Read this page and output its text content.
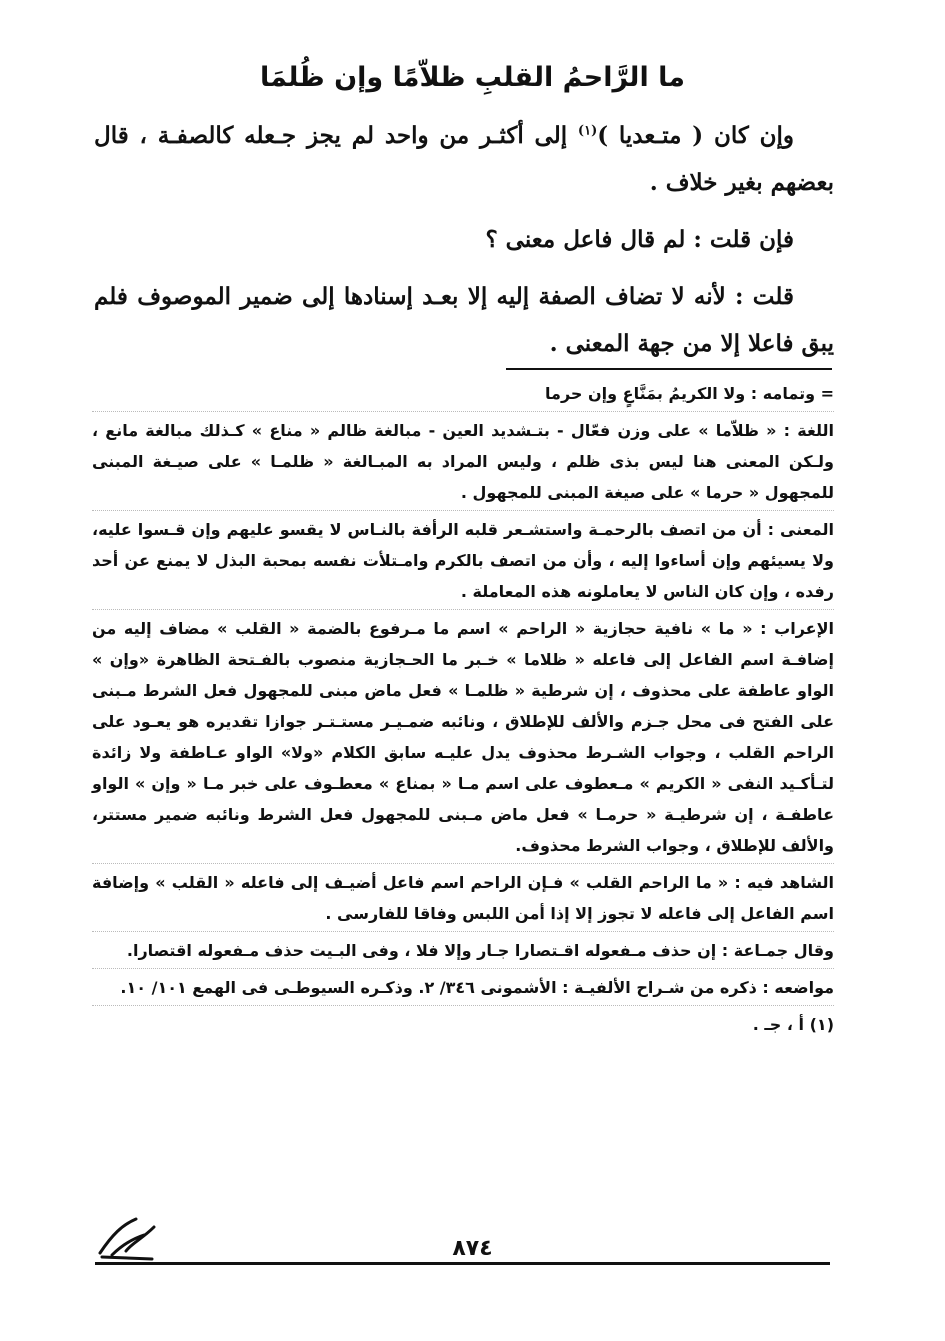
ما الرَّاحمُ القلبِ ظلاّمًا وإن ظُلمَا

وإن كان ( متـعديا )$^{(١)}$ إلى أكثـر من واحد لم يجز جـعله كالصفـة ، قال بعضهم بغير خلاف .

فإن قلت : لم قال فاعل معنى ؟

قلت : لأنه لا تضاف الصفة إليه إلا بعـد إسنادها إلى ضمير الموصوف فلم يبق فاعلا إلا من جهة المعنى .

= وتمامه : ولا الكريمُ بمَنَّاعٍ وإن حرما

اللغة : « ظلاّما » على وزن فعّال - بتـشديد العين - مبالغة ظالم « مناع » كـذلك مبالغة مانع ، ولـكن المعنى هنا ليس بذى ظلم ، وليس المراد به المبـالغة « ظلمـا » على صيـغة المبنى للمجهول « حرما » على صيغة المبنى للمجهول .

المعنى : أن من اتصف بالرحمـة واستشـعر قلبه الرأفة بالنـاس لا يقسو عليهم وإن قـسوا عليه، ولا يسيئهم وإن أساءوا إليه ، وأن من اتصف بالكرم وامـتلأت نفسه بمحبة البذل لا يمنع عن أحد رفده ، وإن كان الناس لا يعاملونه هذه المعاملة .

الإعراب : « ما » نافية حجازية « الراحم » اسم ما مـرفوع بالضمة « القلب » مضاف إليه من إضافـة اسم الفاعل إلى فاعله « ظلاما » خـبر ما الحـجازية منصوب بالفـتحة الظاهرة «وإن » الواو عاطفة على محذوف ، إن شرطية « ظلمـا » فعل ماض مبنى للمجهول فعل الشرط مـبنى على الفتح فى محل جـزم والألف للإطلاق ، ونائبه ضمـيـر مستـتـر جوازا تقديره هو يعـود على الراحم القلب ، وجواب الشـرط محذوف يدل عليـه سابق الكلام «ولا» الواو عـاطفة ولا زائدة لتـأكـيد النفى « الكريم » مـعطوف على اسم مـا « بمناع » معطـوف على خبر مـا « وإن » الواو عاطفـة ، إن شرطيـة « حرمـا » فعل ماض مـبنى للمجهول فعل الشرط ونائبه ضمير مستتر، والألف للإطلاق ، وجواب الشرط محذوف.

الشاهد فيه : « ما الراحم القلب » فـإن الراحم اسم فاعل أضيـف إلى فاعله « القلب » وإضافة اسم الفاعل إلى فاعله لا تجوز إلا إذا أمن اللبس وفاقا للفارسى .

وقال جمـاعة : إن حذف مـفعوله اقـتصارا جـار وإلا فلا ، وفى البـيت حذف مـفعوله اقتصارا.

مواضعه : ذكره من شـراح الألفيـة : الأشمونى ٣٤٦/ ٢. وذكـره السيوطـى فى الهمع ١٠١/ ١٠.

(١) أ ، جـ .

٨٧٤
